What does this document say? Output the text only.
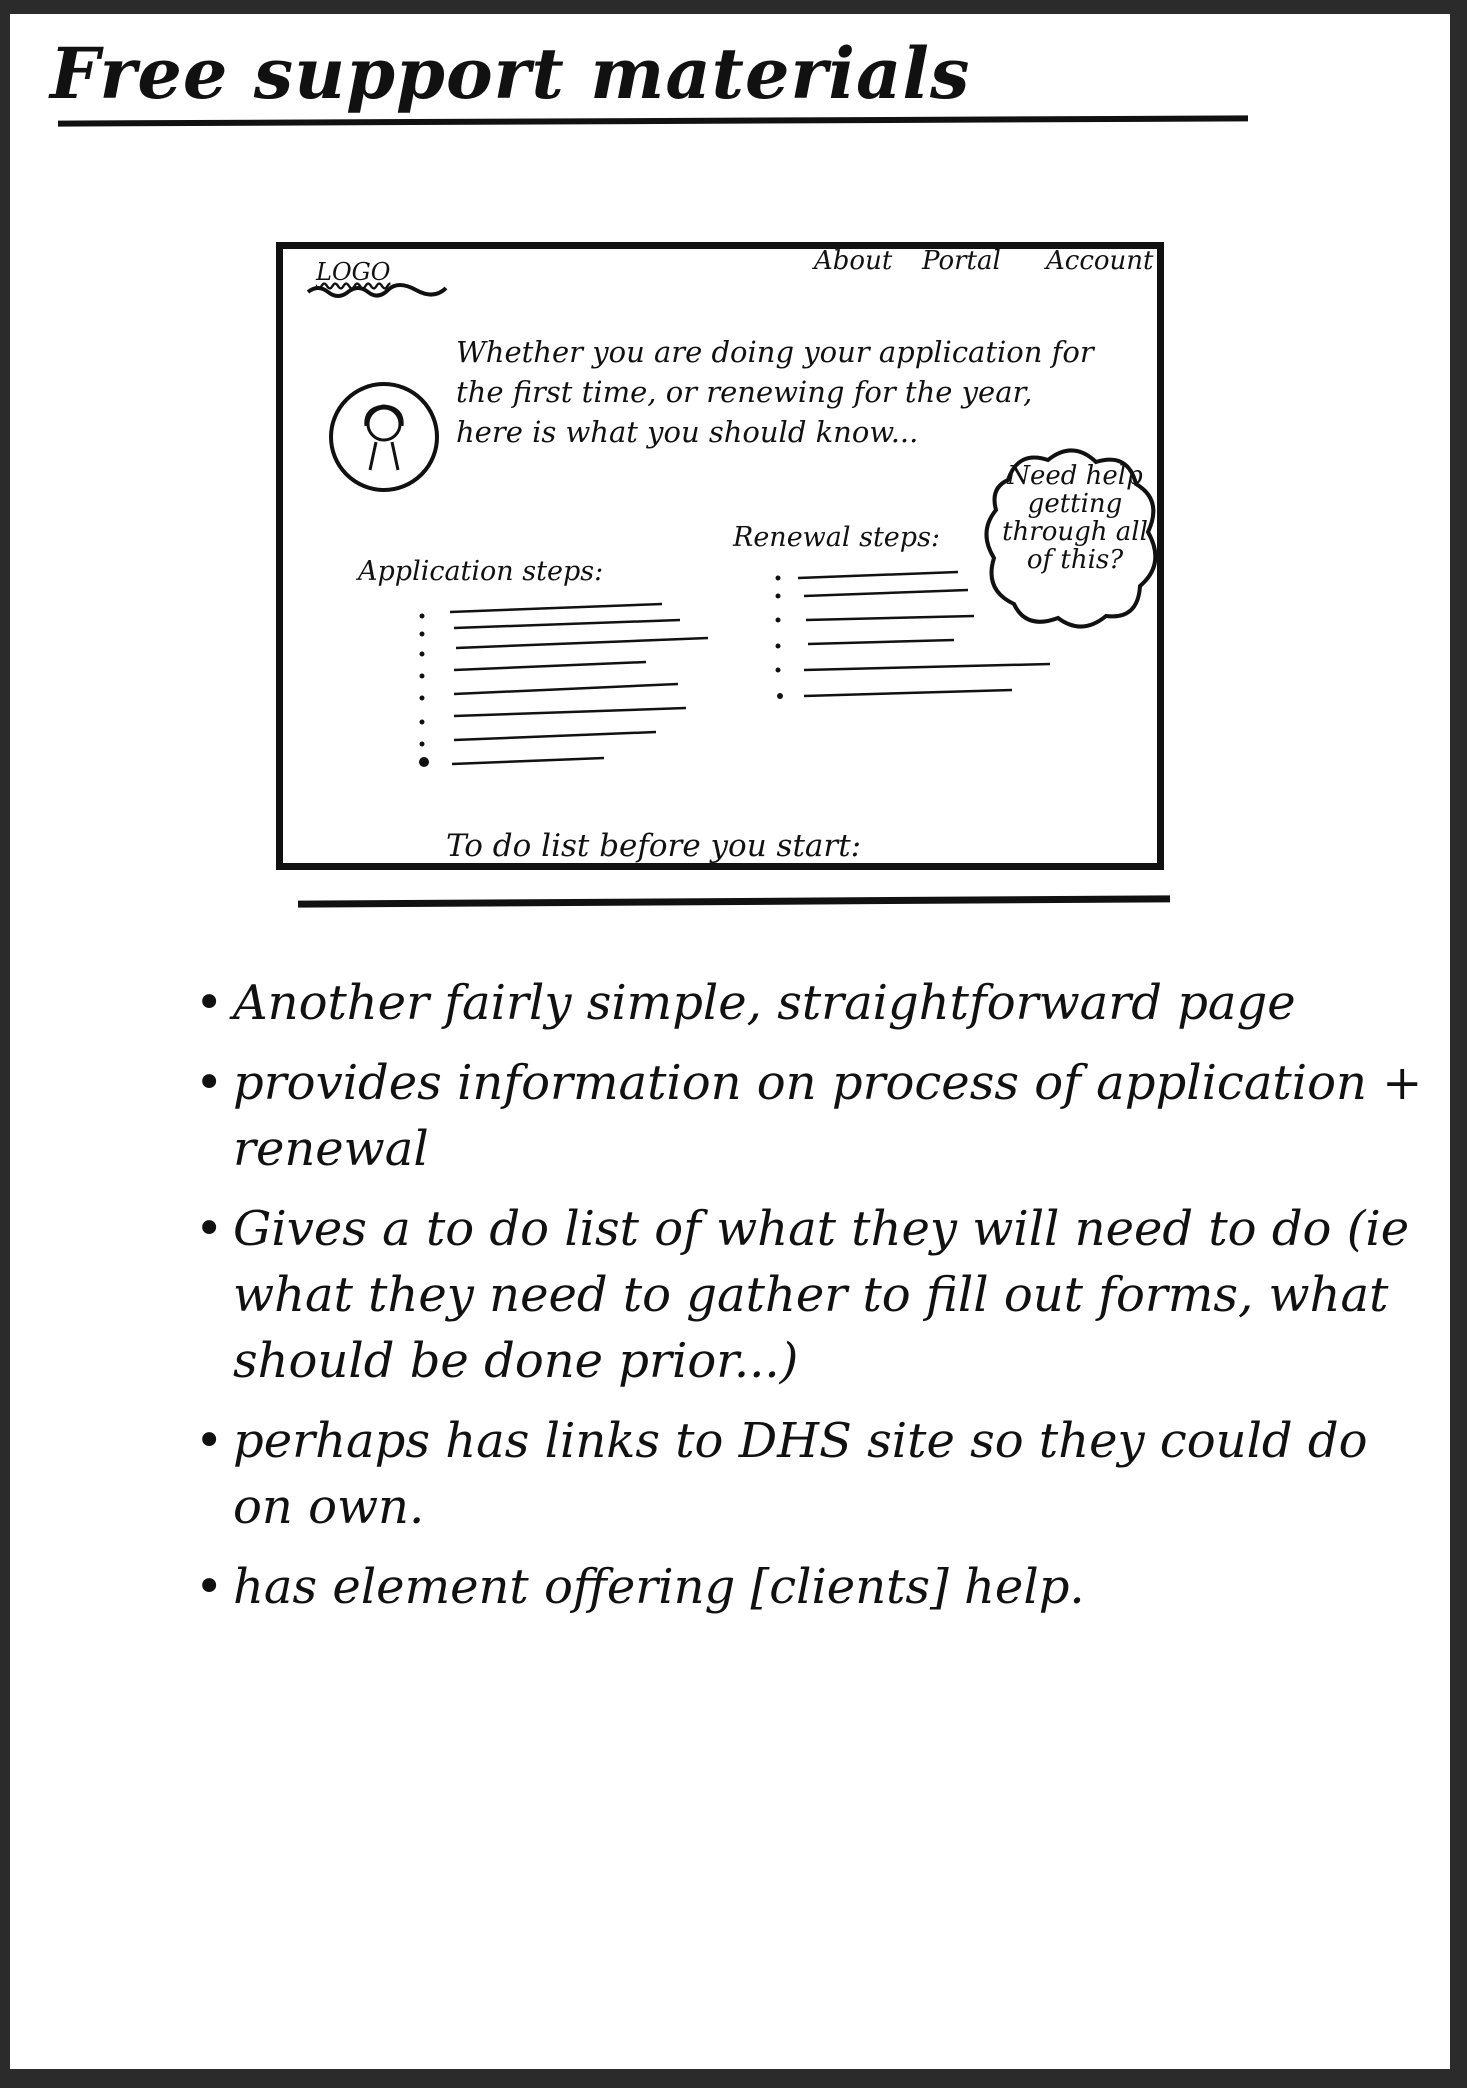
Free support materials
LOGO	About Portal Account
Whether you are doing your application for the first time, or renewing for the year, here is what you should know...
Need help getting through all of this?
Application steps:
Renewal steps:
To do list before you start:
• Another fairly simple, straightforward page
• provides information on process of application + renewal
• Gives a to do list of what they will need to do (ie what they need to gather to fill out forms, what should be done prior...)
• perhaps has links to DHS site so they could do on own.
• has element offering [clients] help.
